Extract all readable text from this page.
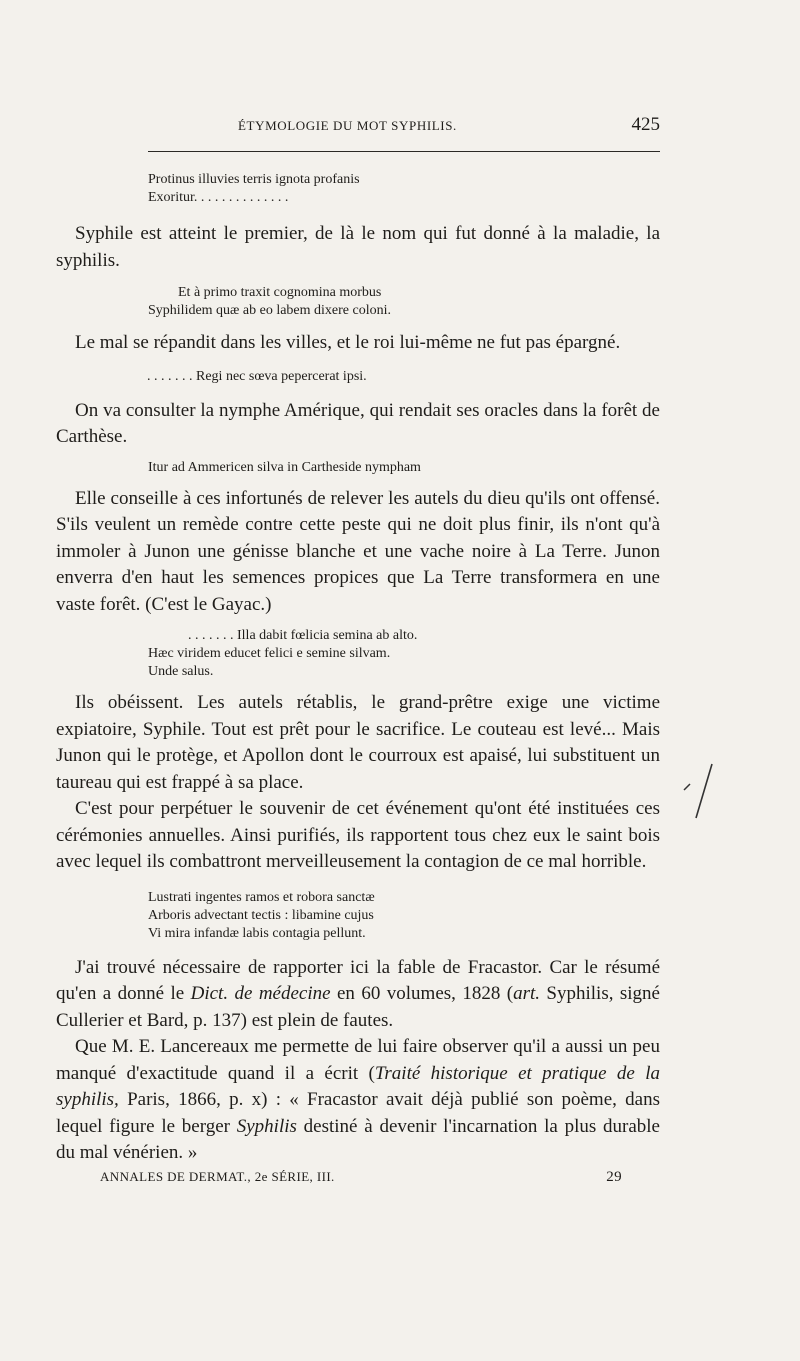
ÉTYMOLOGIE DU MOT SYPHILIS.	425
Protinus illuvies terris ignota profanis
Exoritur. . . . . . . . . . . . . .

Syphile est atteint le premier, de là le nom qui fut donné à la maladie, la syphilis.

Et à primo traxit cognomina morbus
Syphilidem quæ ab eo labem dixere coloni.

Le mal se répandit dans les villes, et le roi lui-même ne fut pas épargné.

. . . . . . . Regi nec sœva pepercerat ipsi.

On va consulter la nymphe Amérique, qui rendait ses oracles dans la forêt de Carthèse.

Itur ad Ammericen silva in Cartheside nympham

Elle conseille à ces infortunés de relever les autels du dieu qu'ils ont offensé. S'ils veulent un remède contre cette peste qui ne doit plus finir, ils n'ont qu'à immoler à Junon une génisse blanche et une vache noire à La Terre. Junon enverra d'en haut les semences propices que La Terre transformera en une vaste forêt. (C'est le Gayac.)

. . . . . . . Illa dabit fœlicia semina ab alto.
Hæc viridem educet felici e semine silvam.
Unde salus.

Ils obéissent. Les autels rétablis, le grand-prêtre exige une victime expiatoire, Syphile. Tout est prêt pour le sacrifice. Le couteau est levé... Mais Junon qui le protège, et Apollon dont le courroux est apaisé, lui substituent un taureau qui est frappé à sa place.

C'est pour perpétuer le souvenir de cet événement qu'ont été instituées ces cérémonies annuelles. Ainsi purifiés, ils rapportent tous chez eux le saint bois avec lequel ils combattront merveilleusement la contagion de ce mal horrible.

Lustrati ingentes ramos et robora sanctæ
Arboris advectant tectis : libamine cujus
Vi mira infandæ labis contagia pellunt.

J'ai trouvé nécessaire de rapporter ici la fable de Fracastor. Car le résumé qu'en a donné le Dict. de médecine en 60 volumes, 1828 (art. Syphilis, signé Cullerier et Bard, p. 137) est plein de fautes.

Que M. E. Lancereaux me permette de lui faire observer qu'il a aussi un peu manqué d'exactitude quand il a écrit (Traité historique et pratique de la syphilis, Paris, 1866, p. x) : « Fracastor avait déjà publié son poème, dans lequel figure le berger Syphilis destiné à devenir l'incarnation la plus durable du mal vénérien. »

ANNALES DE DERMAT., 2e SÉRIE, III.	29
